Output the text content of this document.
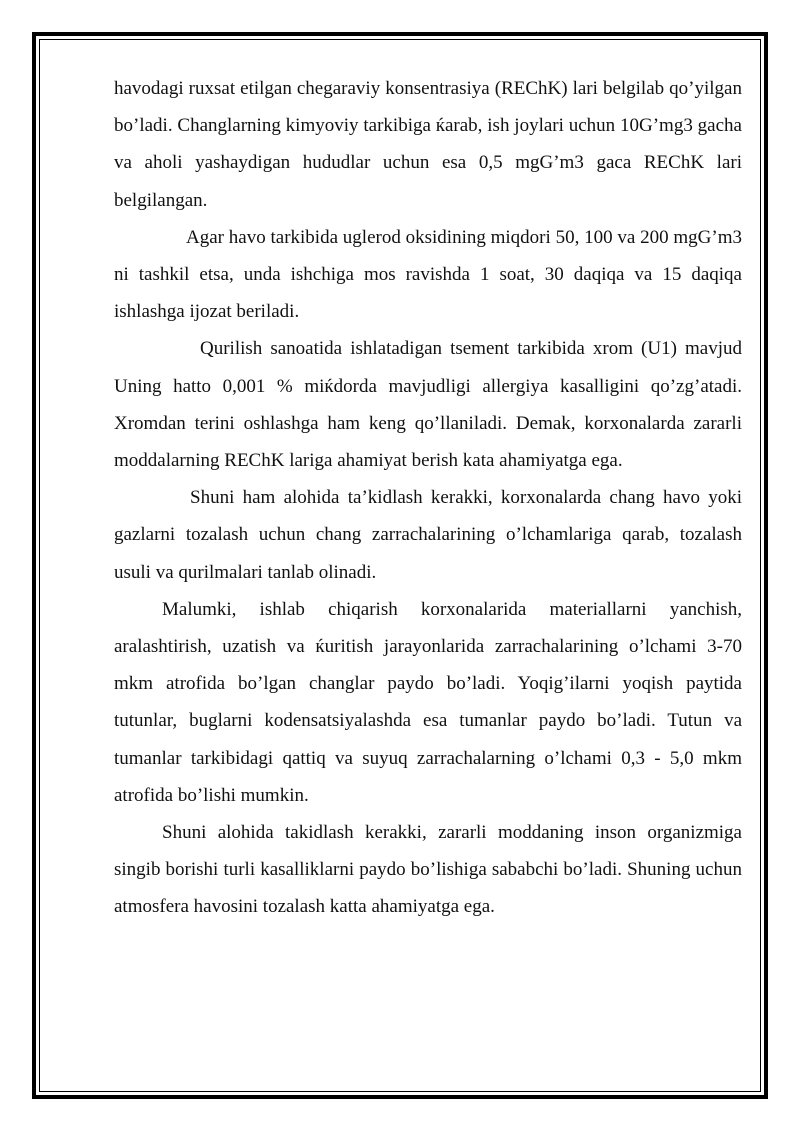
havodagi ruxsat etilgan chegaraviy konsentrasiya (REChK) lari belgilab qo’yilgan bo’ladi. Changlarning kimyoviy tarkibiga ќarab, ish joylari uchun 10G’mg3 gacha va aholi yashaydigan hududlar uchun esa 0,5 mgG’m3 gaca REChK lari belgilangan.

Agar havo tarkibida uglerod oksidining miqdori 50, 100 va 200 mgG’m3 ni tashkil etsa, unda ishchiga mos ravishda 1 soat, 30 daqiqa va 15 daqiqa ishlashga ijozat beriladi.

Qurilish sanoatida ishlatadigan tsement tarkibida xrom (U1) mavjud Uning hatto 0,001 % miќdorda mavjudligi allergiya kasalligini qo’zg’atadi. Xromdan terini oshlashga ham keng qo’llaniladi. Demak, korxonalarda zararli moddalarning REChK lariga ahamiyat berish kata ahamiyatga ega.

Shuni ham alohida ta’kidlash kerakki, korxonalarda chang havo yoki gazlarni tozalash uchun chang zarrachalarining o’lchamlariga qarab, tozalash usuli va qurilmalari tanlab olinadi.

Malumki, ishlab chiqarish korxonalarida materiallarni yanchish, aralashtirish, uzatish va ќuritish jarayonlarida zarrachalarining o’lchami 3-70 mkm atrofida bo’lgan changlar paydo bo’ladi. Yoqig’ilarni yoqish paytida tutunlar, buglarni kodensatsiyalashda esa tumanlar paydo bo’ladi. Tutun va tumanlar tarkibidagi qattiq va suyuq zarrachalarning o’lchami 0,3 - 5,0 mkm atrofida bo’lishi mumkin.

Shuni alohida takidlash kerakki, zararli moddaning inson organizmiga singib borishi turli kasalliklarni paydo bo’lishiga sababchi bo’ladi. Shuning uchun atmosfera havosini tozalash katta ahamiyatga ega.
